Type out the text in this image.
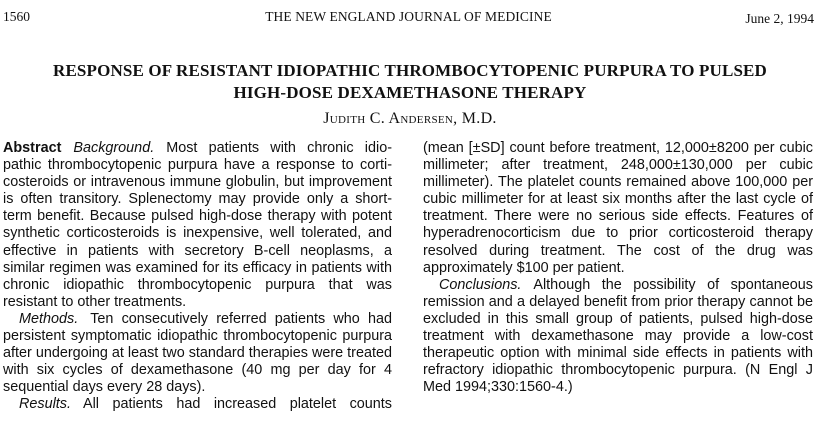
1560	THE NEW ENGLAND JOURNAL OF MEDICINE	June 2, 1994
RESPONSE OF RESISTANT IDIOPATHIC THROMBOCYTOPENIC PURPURA TO PULSED
HIGH-DOSE DEXAMETHASONE THERAPY
Judith C. Andersen, M.D.

Abstract Background. Most patients with chronic idiopathic thrombocytopenic purpura have a response to corticosteroids or intravenous immune globulin, but improvement is often transitory. Splenectomy may provide only a short-term benefit. Because pulsed high-dose therapy with potent synthetic corticosteroids is inexpensive, well tolerated, and effective in patients with secretory B-cell neoplasms, a similar regimen was examined for its efficacy in patients with chronic idiopathic thrombocytopenic purpura that was resistant to other treatments.

Methods. Ten consecutively referred patients who had persistent symptomatic idiopathic thrombocytopenic purpura after undergoing at least two standard therapies were treated with six cycles of dexamethasone (40 mg per day for 4 sequential days every 28 days).

Results. All patients had increased platelet counts

(mean [±SD] count before treatment, 12,000±8200 per cubic millimeter; after treatment, 248,000±130,000 per cubic millimeter). The platelet counts remained above 100,000 per cubic millimeter for at least six months after the last cycle of treatment. There were no serious side effects. Features of hyperadrenocorticism due to prior corticosteroid therapy resolved during treatment. The cost of the drug was approximately $100 per patient.

Conclusions. Although the possibility of spontaneous remission and a delayed benefit from prior therapy cannot be excluded in this small group of patients, pulsed high-dose treatment with dexamethasone may provide a low-cost therapeutic option with minimal side effects in patients with refractory idiopathic thrombocytopenic purpura. (N Engl J Med 1994;330:1560-4.)
